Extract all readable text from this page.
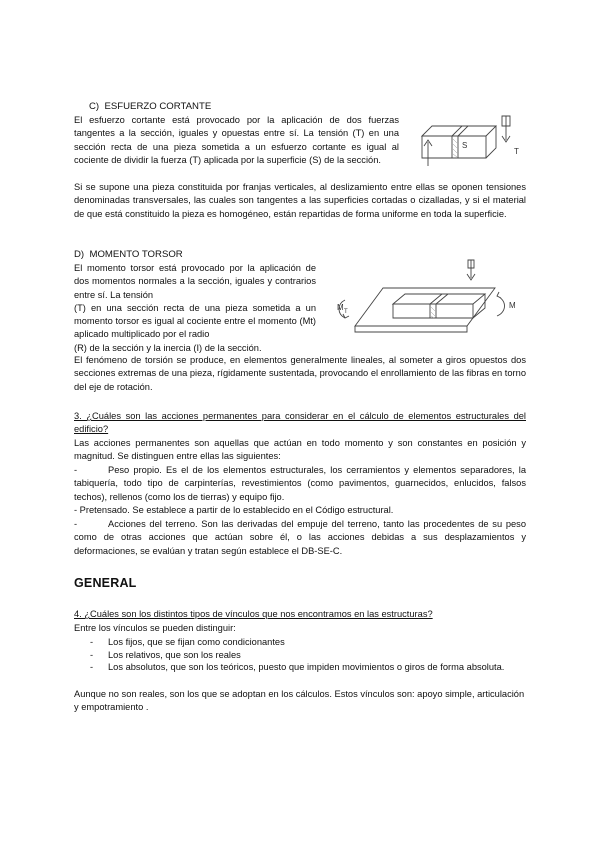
C)  ESFUERZO CORTANTE

El esfuerzo cortante está provocado por la aplicación de dos fuerzas tangentes a la sección, iguales y opuestas entre sí. La tensión (T) en una sección recta de una pieza sometida a un esfuerzo cortante es igual al cociente de dividir la fuerza (T) aplicada por la superficie (S) de la sección.

Si se supone una pieza constituida por franjas verticales, al deslizamiento entre ellas se oponen tensiones denominadas transversales, las cuales son tangentes a las superficies cortadas o cizalladas, y si el material de que está constituido la pieza es homogéneo, están repartidas de forma uniforme en toda la superficie.

S
T
D)  MOMENTO TORSOR

El momento torsor está provocado por la aplicación de dos momentos normales a la sección, iguales y contrarios entre sí. La tensión
(T) en una sección recta de una pieza sometida a un momento torsor es igual al cociente entre el momento (Mt) aplicado multiplicado por el radio
(R) de la sección y la inercia (I) de la sección.

El fenómeno de torsión se produce, en elementos generalmente lineales, al someter a giros opuestos dos secciones extremas de una pieza, rígidamente sustentada, provocando el enrollamiento de las fibras en torno del eje de rotación.

M T
M

3. ¿Cuáles son las acciones permanentes para considerar en el cálculo de elementos estructurales del edificio?

Las acciones permanentes son aquellas que actúan en todo momento y son constantes en posición y magnitud. Se distinguen entre ellas las siguientes:

-	Peso propio. Es el de los elementos estructurales, los cerramientos y elementos separadores, la tabiquería, todo tipo de carpinterías, revestimientos (como pavimentos, guarnecidos, enlucidos, falsos techos), rellenos (como los de tierras) y equipo fijo.

- Pretensado. Se establece a partir de lo establecido en el Código estructural.

-	Acciones del terreno. Son las derivadas del empuje del terreno, tanto las procedentes de su peso como de otras acciones que actúan sobre él, o las acciones debidas a sus desplazamientos y deformaciones, se evalúan y tratan según establece el DB-SE-C.

GENERAL

4. ¿Cuáles son los distintos tipos de vínculos que nos encontramos en las estructuras?

Entre los vínculos se pueden distinguir:

- Los fijos, que se fijan como condicionantes
- Los relativos, que son los reales
- Los absolutos, que son los teóricos, puesto que impiden movimientos o giros de forma absoluta.

Aunque no son reales, son los que se adoptan en los cálculos. Estos vínculos son: apoyo simple, articulación y empotramiento .
